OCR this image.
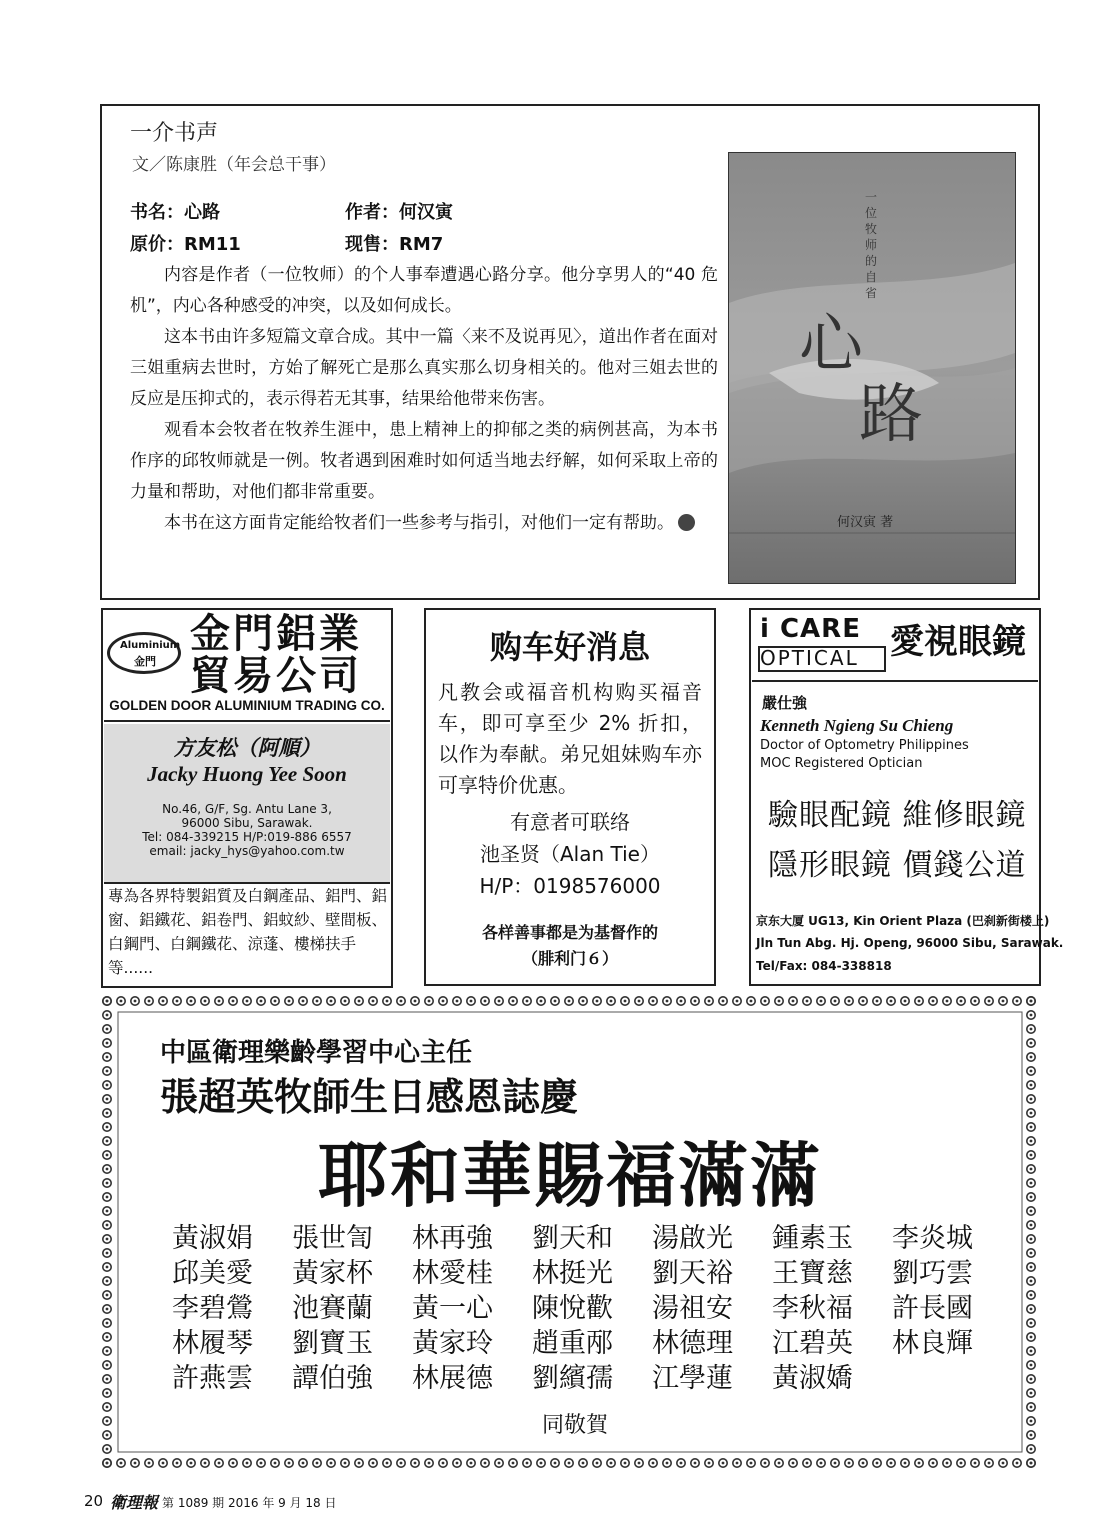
一介书声
文／陈康胜（年会总干事）
书名：心路	作者：何汉寅
原价：RM11	现售：RM7

内容是作者（一位牧师）的个人事奉遭遇心路分享。他分享男人的“40 危机”，内心各种感受的冲突，以及如何成长。

这本书由许多短篇文章合成。其中一篇〈来不及说再见〉，道出作者在面对三姐重病去世时，方始了解死亡是那么真实那么切身相关的。他对三姐去世的反应是压抑式的，表示得若无其事，结果给他带来伤害。

观看本会牧者在牧养生涯中，患上精神上的抑郁之类的病例甚高，为本书作序的邱牧师就是一例。牧者遇到困难时如何适当地去纾解，如何采取上帝的力量和帮助，对他们都非常重要。

本书在这方面肯定能给牧者们一些参考与指引，对他们一定有帮助。

一位牧师的自省
心
路
何汉寅 著
Aluminium
金門
金門鋁業
貿易公司
GOLDEN DOOR ALUMINIUM TRADING CO.
方友松（阿順）
Jacky Huong Yee Soon
No.46, G/F, Sg. Antu Lane 3,
96000 Sibu, Sarawak.
Tel: 084-339215 H/P:019-886 6557
email: jacky_hys@yahoo.com.tw
專為各界特製鋁質及白鋼產品、鋁門、鋁窗、鋁鐵花、鋁卷門、鋁蚊紗、壁間板、白鋼門、白鋼鐵花、涼蓬、樓梯扶手等......
购车好消息
凡教会或福音机构购买福音车，即可享至少 2% 折扣，以作为奉献。弟兄姐妹购车亦可享特价优惠。
有意者可联络
池圣贤（Alan Tie）
H/P：0198576000
各样善事都是为基督作的
（腓利门６）
i CARE
OPTICAL 愛視眼鏡
嚴仕強
Kenneth Ngieng Su Chieng
Doctor of Optometry Philippines
MOC Registered Optician
驗眼配鏡 維修眼鏡
隱形眼鏡 價錢公道
京东大厦 UG13, Kin Orient Plaza (巴刹新街楼上)
Jln Tun Abg. Hj. Openg, 96000 Sibu, Sarawak.
Tel/Fax: 084-338818
中區衛理樂齡學習中心主任
張超英牧師生日感恩誌慶
耶和華賜福滿滿
黃淑娟	張世訇	林再強	劉天和	湯啟光	鍾素玉	李炎城
邱美愛	黃家杯	林愛桂	林挺光	劉天裕	王寶慈	劉巧雲
李碧鶯	池賽蘭	黃一心	陳悅歡	湯祖安	李秋福	許長國
林履琴	劉寶玉	黃家玲	趙重邴	林德理	江碧英	林良輝
許燕雲	譚伯強	林展德	劉繽孺	江學蓮	黃淑嬌
同敬賀
20 衛理報 第 1089 期 2016 年 9 月 18 日
